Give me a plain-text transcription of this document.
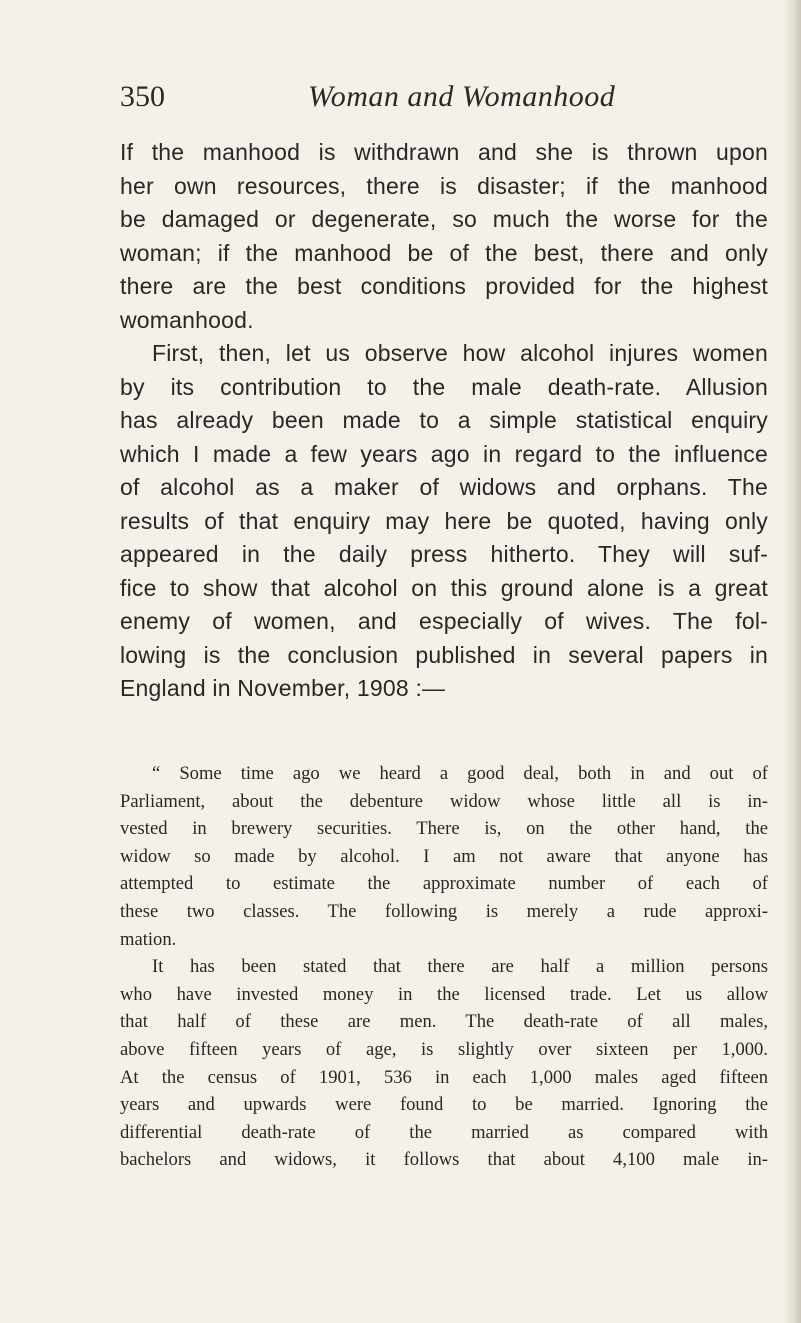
350	Woman and Womanhood
If the manhood is withdrawn and she is thrown upon
her own resources, there is disaster; if the manhood
be damaged or degenerate, so much the worse for the
woman; if the manhood be of the best, there and only
there are the best conditions provided for the highest
womanhood.
First, then, let us observe how alcohol injures women
by its contribution to the male death-rate. Allusion
has already been made to a simple statistical enquiry
which I made a few years ago in regard to the influence
of alcohol as a maker of widows and orphans. The
results of that enquiry may here be quoted, having only
appeared in the daily press hitherto. They will suf-
fice to show that alcohol on this ground alone is a great
enemy of women, and especially of wives. The fol-
lowing is the conclusion published in several papers in
England in November, 1908 :—
“ Some time ago we heard a good deal, both in and out of
Parliament, about the debenture widow whose little all is in-
vested in brewery securities. There is, on the other hand, the
widow so made by alcohol. I am not aware that anyone has
attempted to estimate the approximate number of each of
these two classes. The following is merely a rude approxi-
mation.
It has been stated that there are half a million persons
who have invested money in the licensed trade. Let us allow
that half of these are men. The death-rate of all males,
above fifteen years of age, is slightly over sixteen per 1,000.
At the census of 1901, 536 in each 1,000 males aged fifteen
years and upwards were found to be married. Ignoring the
differential death-rate of the married as compared with
bachelors and widows, it follows that about 4,100 male in-
